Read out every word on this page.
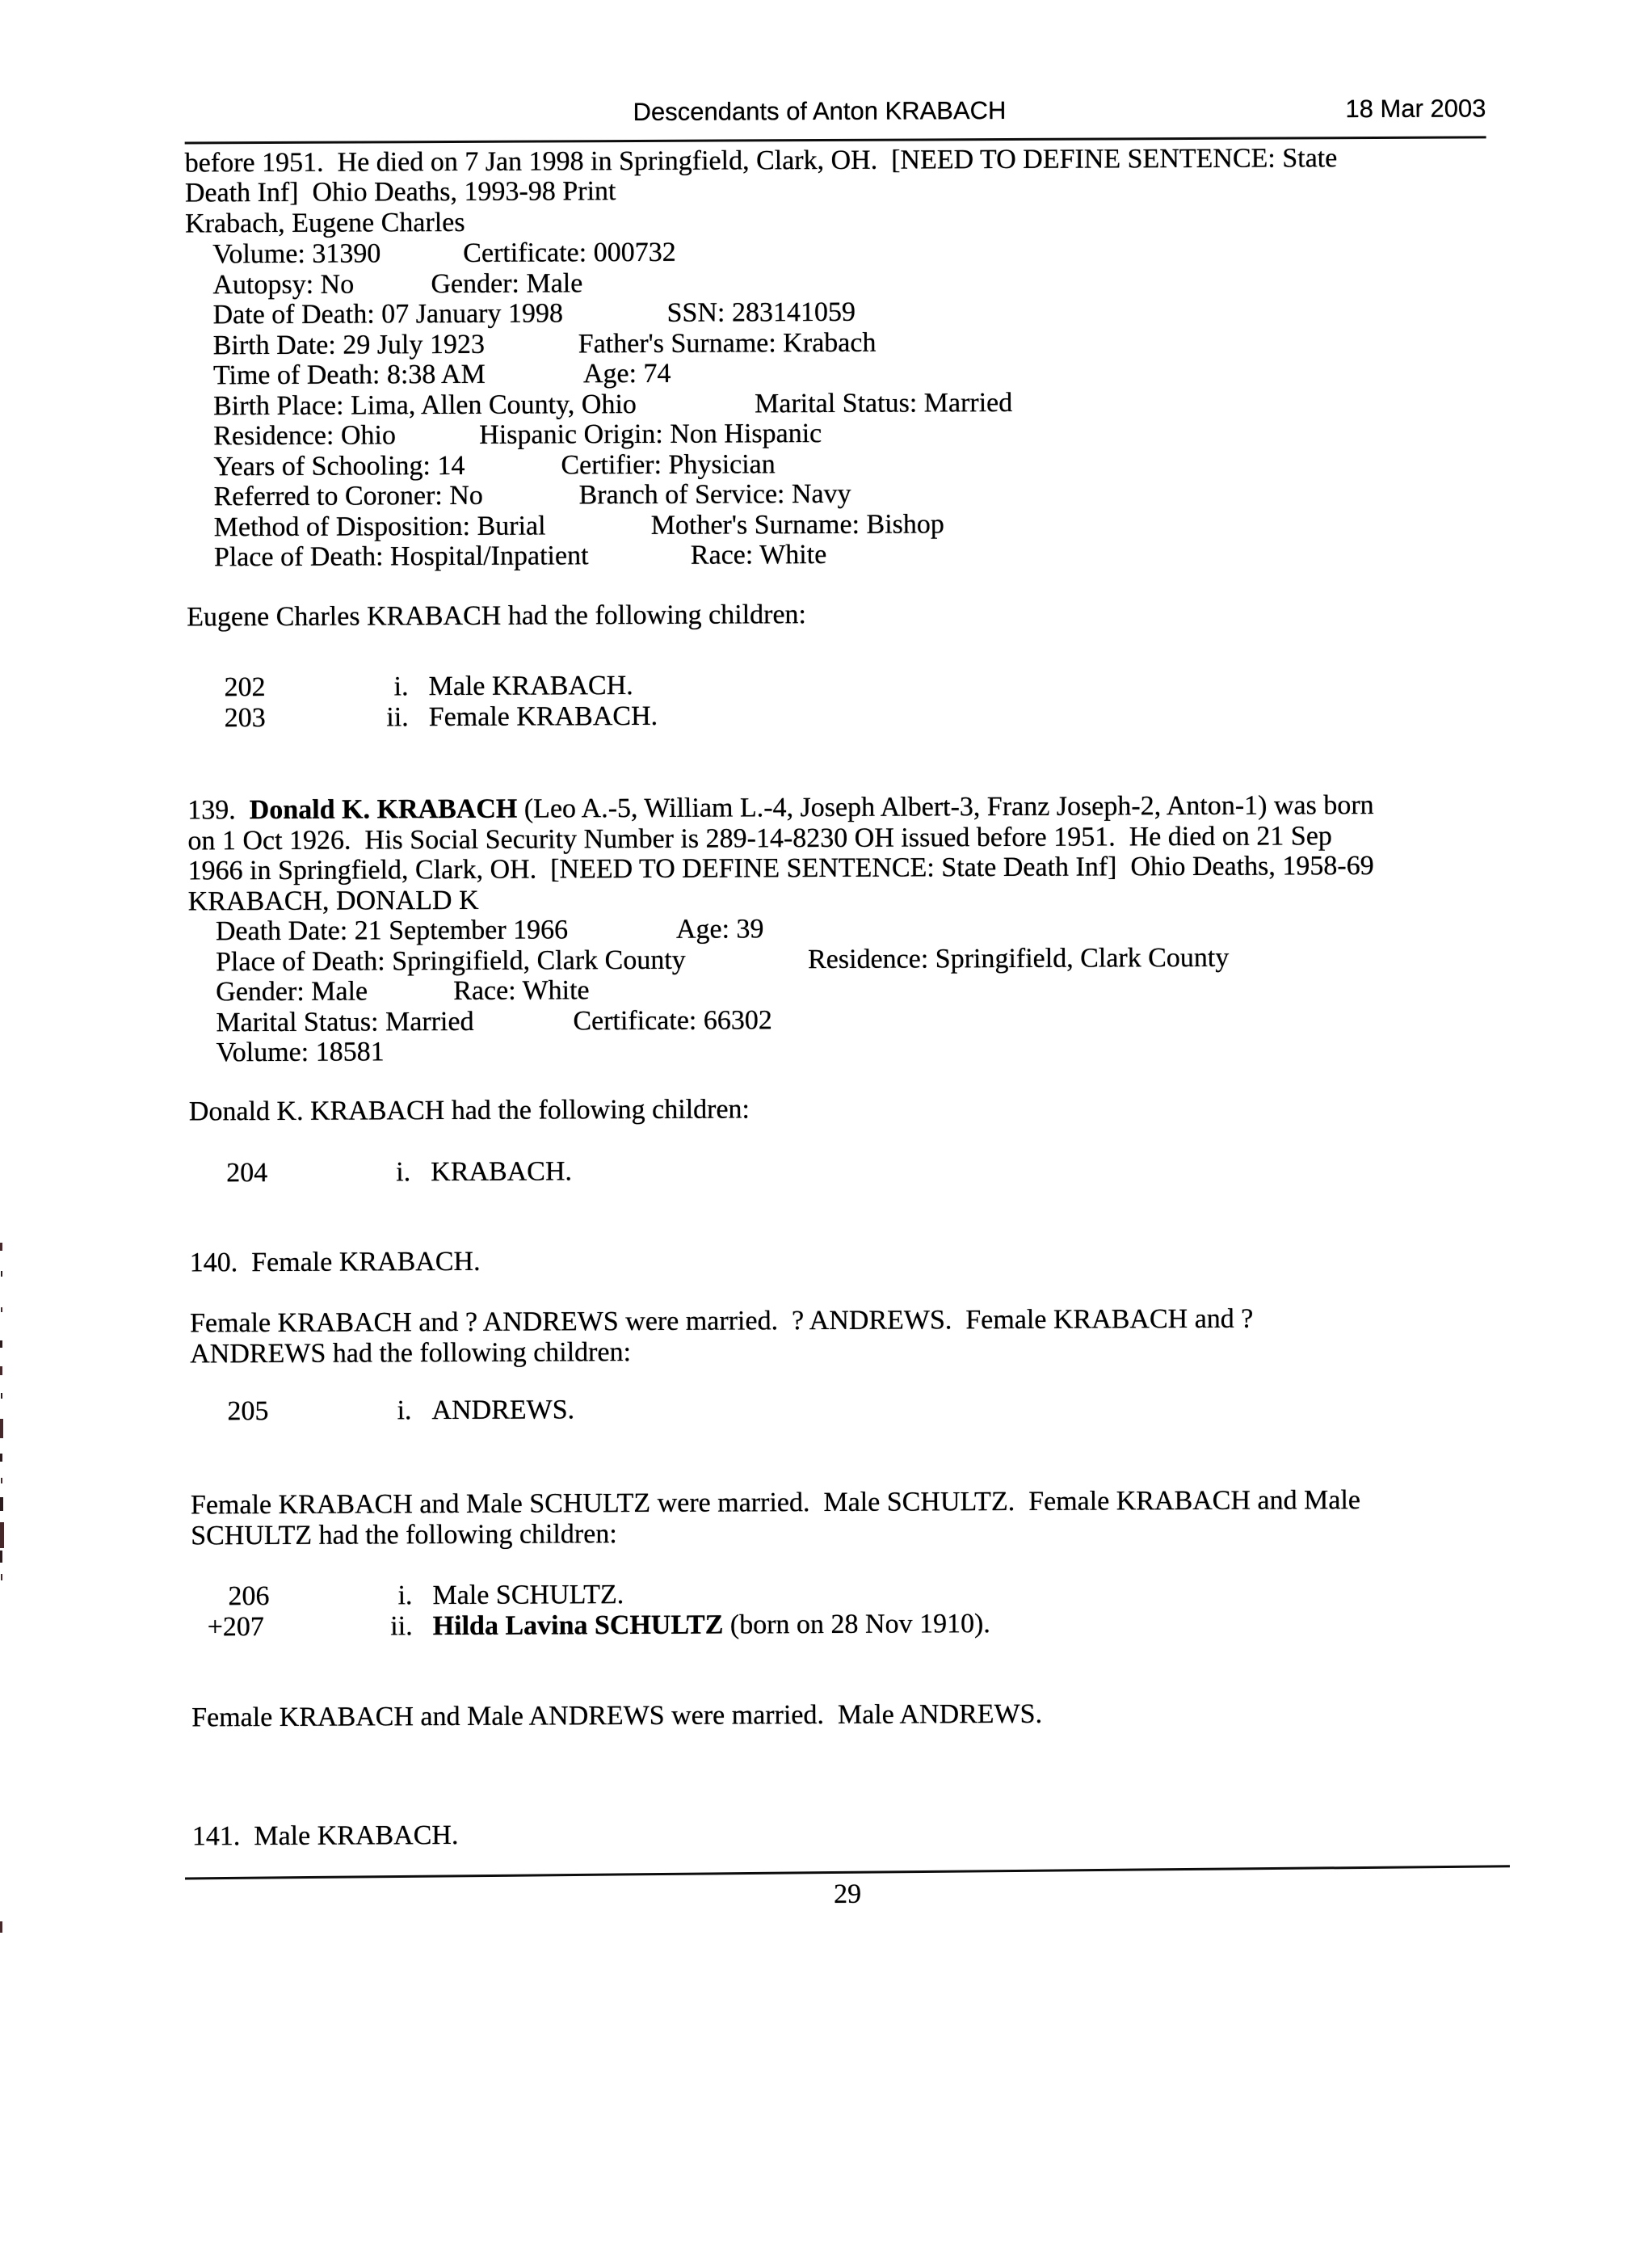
Descendants of Anton KRABACH	18 Mar 2003
before 1951.  He died on 7 Jan 1998 in Springfield, Clark, OH.  [NEED TO DEFINE SENTENCE: State
Death Inf]  Ohio Deaths, 1993-98 Print
Krabach, Eugene Charles
Volume: 31390	Certificate: 000732
Autopsy: No	Gender: Male
Date of Death: 07 January 1998	SSN: 283141059
Birth Date: 29 July 1923	Father's Surname: Krabach
Time of Death: 8:38 AM	Age: 74
Birth Place: Lima, Allen County, Ohio	Marital Status: Married
Residence: Ohio	Hispanic Origin: Non Hispanic
Years of Schooling: 14	Certifier: Physician
Referred to Coroner: No	Branch of Service: Navy
Method of Disposition: Burial	Mother's Surname: Bishop
Place of Death: Hospital/Inpatient	Race: White
Eugene Charles KRABACH had the following children:
202	i. Male KRABACH.
203	ii. Female KRABACH.
139.  Donald K. KRABACH (Leo A.-5, William L.-4, Joseph Albert-3, Franz Joseph-2, Anton-1) was born
on 1 Oct 1926.  His Social Security Number is 289-14-8230 OH issued before 1951.  He died on 21 Sep
1966 in Springfield, Clark, OH.  [NEED TO DEFINE SENTENCE: State Death Inf]  Ohio Deaths, 1958-69
KRABACH, DONALD K
Death Date: 21 September 1966	Age: 39
Place of Death: Springifield, Clark County	Residence: Springifield, Clark County
Gender: Male	Race: White
Marital Status: Married	Certificate: 66302
Volume: 18581
Donald K. KRABACH had the following children:
204	i. KRABACH.
140.  Female KRABACH.
Female KRABACH and ? ANDREWS were married.  ? ANDREWS.  Female KRABACH and ?
ANDREWS had the following children:
205	i. ANDREWS.
Female KRABACH and Male SCHULTZ were married.  Male SCHULTZ.  Female KRABACH and Male
SCHULTZ had the following children:
206	i. Male SCHULTZ.
+207	ii. Hilda Lavina SCHULTZ (born on 28 Nov 1910).
Female KRABACH and Male ANDREWS were married.  Male ANDREWS.
141.  Male KRABACH.
29
